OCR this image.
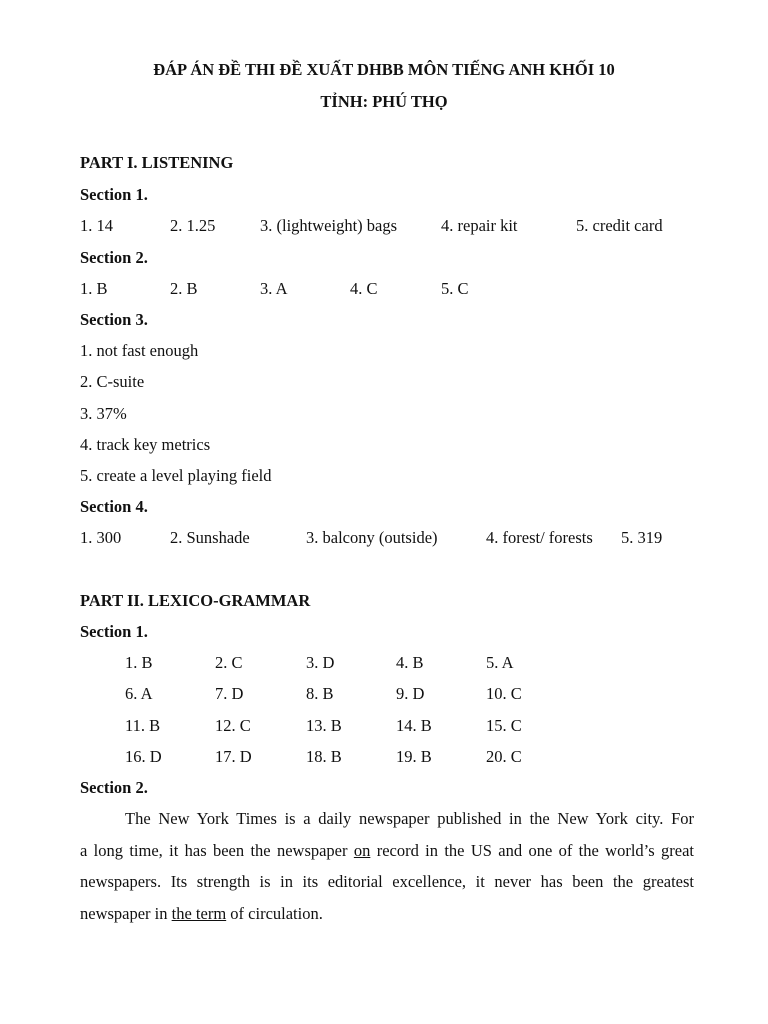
ĐÁP ÁN ĐỀ THI ĐỀ XUẤT DHBB MÔN TIẾNG ANH KHỐI 10
TỈNH: PHÚ THỌ
PART I. LISTENING
Section 1.
1. 14	2. 1.25	3. (lightweight) bags	4. repair kit	5. credit card
Section 2.
1. B	2. B	3. A	4. C	5. C
Section 3.
1. not fast enough
2. C-suite
3. 37%
4. track key metrics
5. create a level playing field
Section 4.
1. 300	2. Sunshade	3. balcony (outside)	4. forest/ forests 5. 319
PART II. LEXICO-GRAMMAR
Section 1.
1. B	2. C	3. D	4. B	5. A
6. A	7. D	8. B	9. D	10. C
11. B	12. C	13. B	14. B	15. C
16. D	17. D	18. B	19. B	20. C
Section 2.
The New York Times is a daily newspaper published in the New York city. For
a long time, it has been the newspaper on record in the US and one of the world’s great
newspapers. Its strength is in its editorial excellence, it never has been the greatest
newspaper in the term of circulation.
